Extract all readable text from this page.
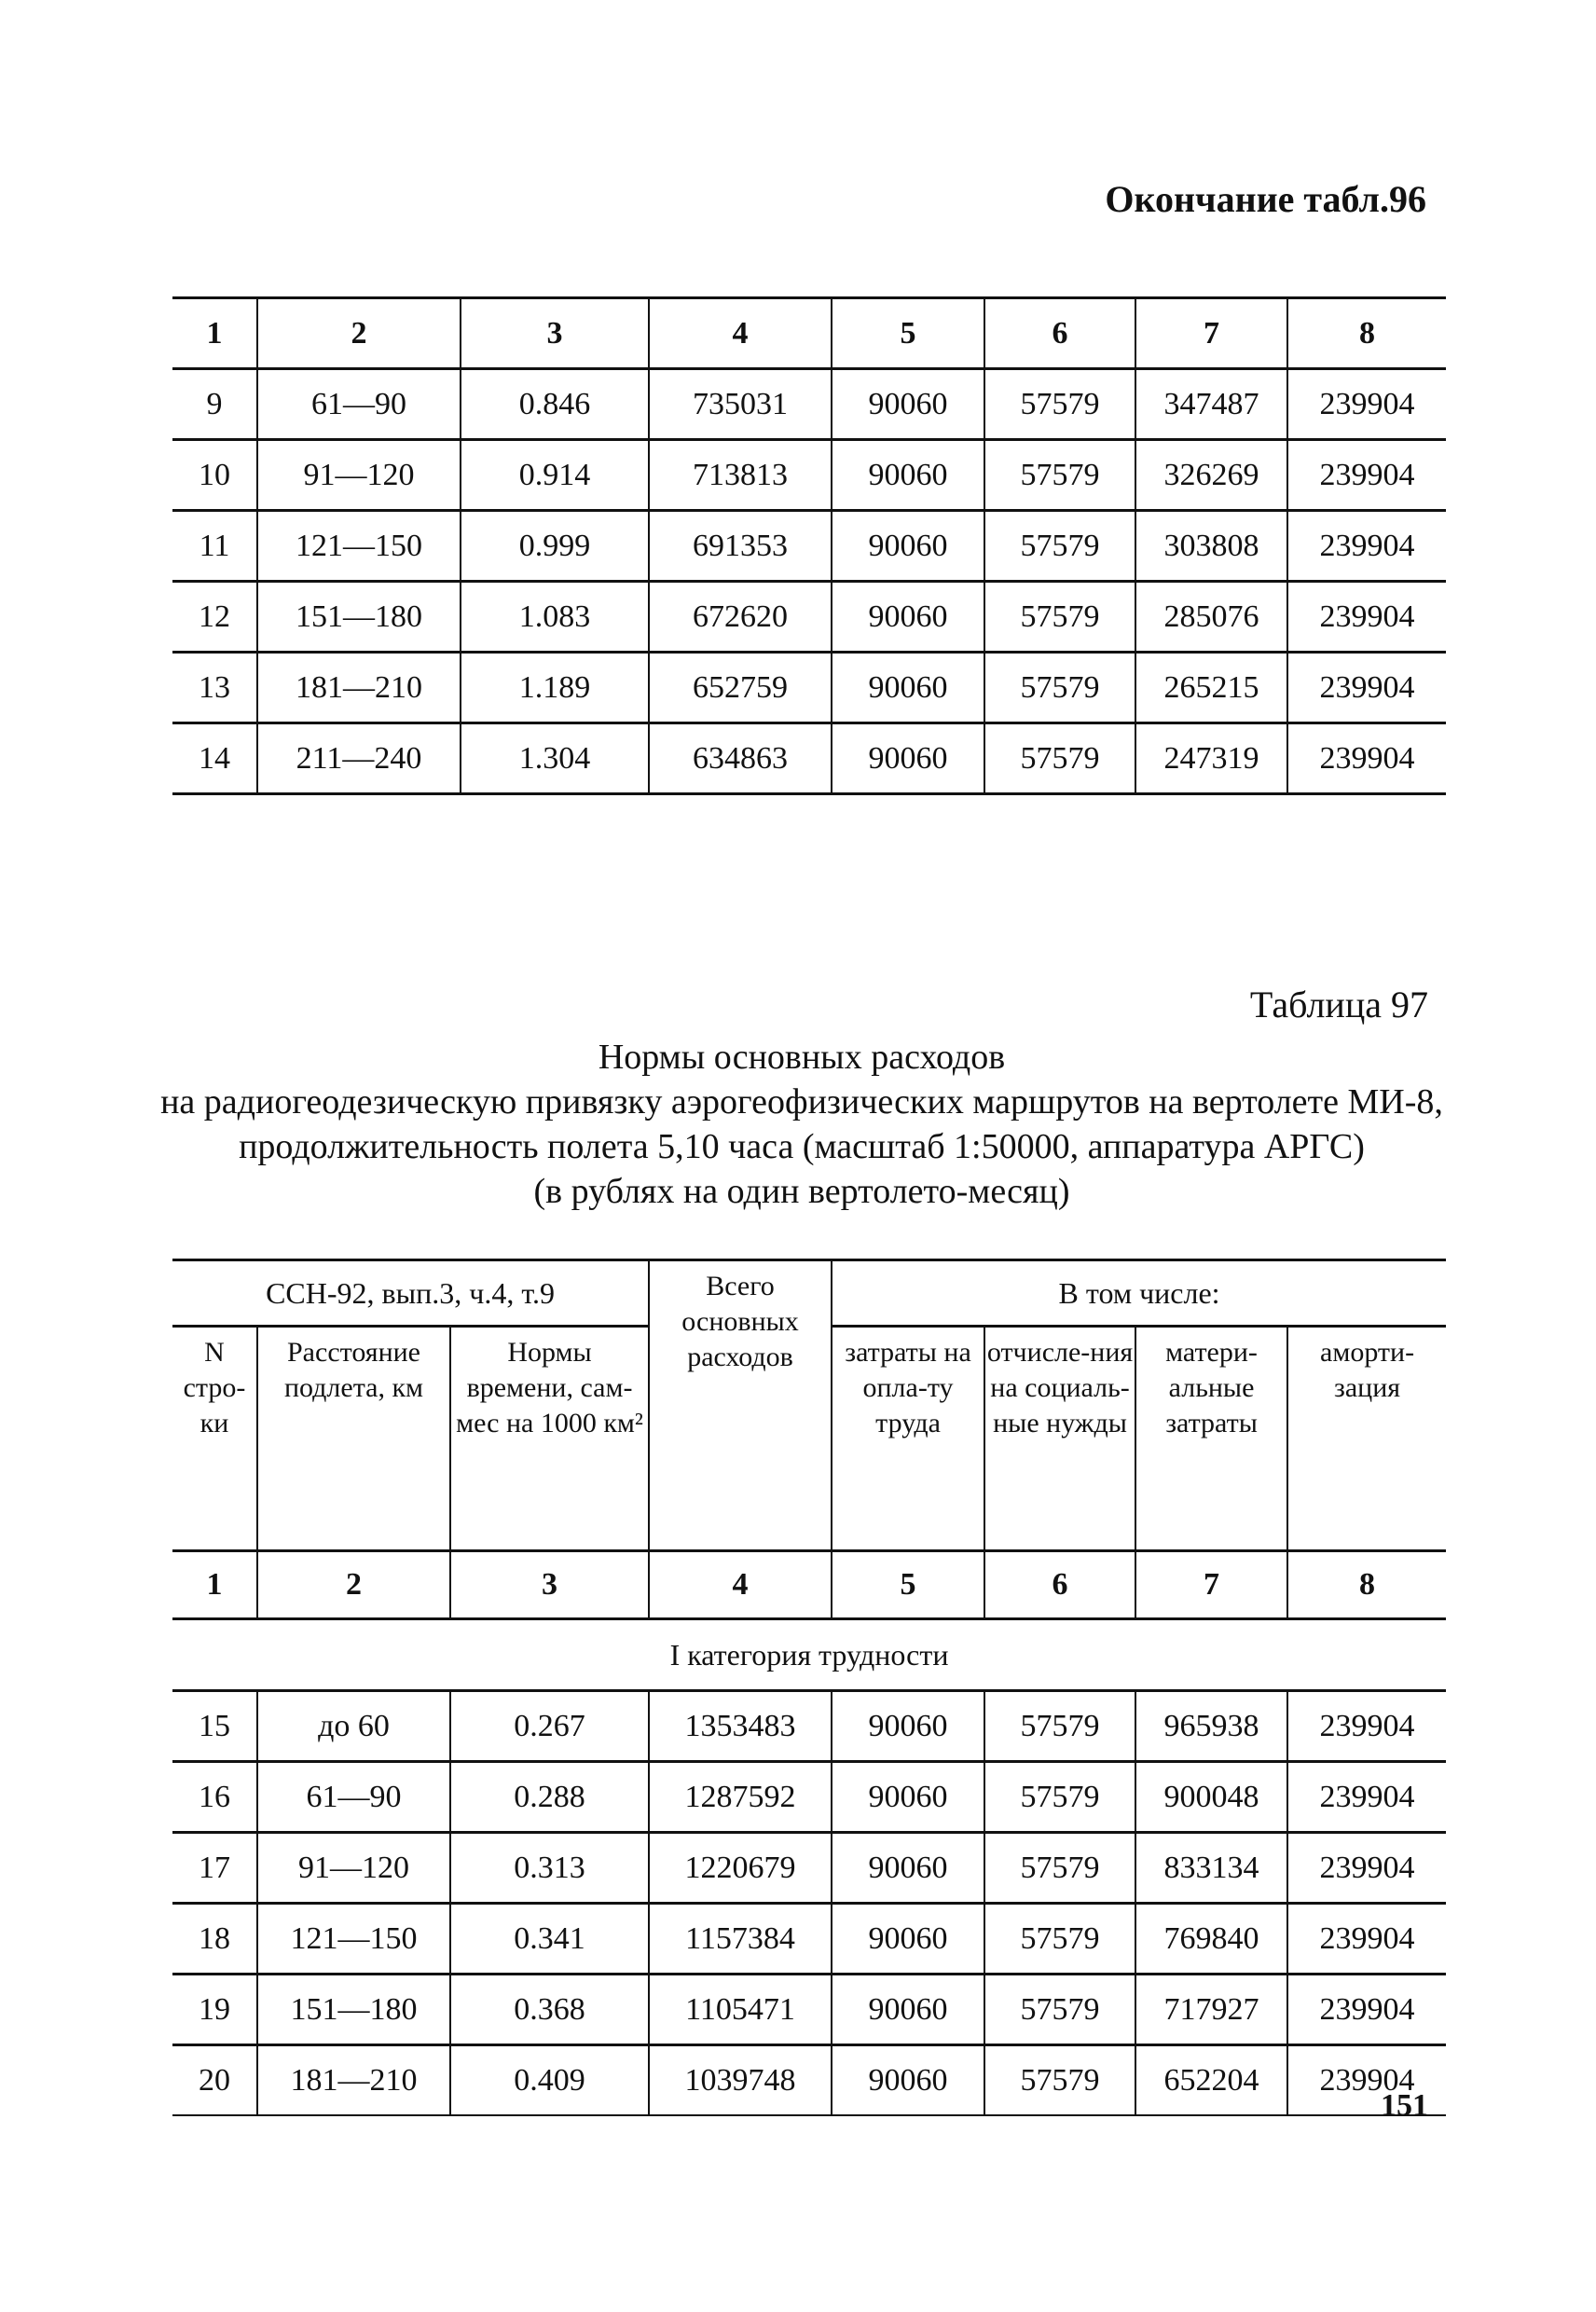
Окончание табл.96
1	2	3	4	5	6	7	8
9	61—90	0.846	735031	90060	57579	347487	239904
10	91—120	0.914	713813	90060	57579	326269	239904
11	121—150	0.999	691353	90060	57579	303808	239904
12	151—180	1.083	672620	90060	57579	285076	239904
13	181—210	1.189	652759	90060	57579	265215	239904
14	211—240	1.304	634863	90060	57579	247319	239904
Таблица 97
Нормы основных расходов
на радиогеодезическую привязку аэрогеофизических маршрутов на вертолете МИ-8,
продолжительность полета 5,10 часа (масштаб 1:50000, аппаратура АРГС)
(в рублях на один вертолето-месяц)
ССН-92, вып.3, ч.4, т.9			Всего основных расходов	В том числе:			
N стро-ки	Расстояние подлета, км	Нормы времени, сам-мес на 1000 км²		затраты на опла-ту труда	отчисле-ния на социаль-ные нужды	матери-альные затраты	аморти-зация
1	2	3	4	5	6	7	8
I категория трудности							
15	до 60	0.267	1353483	90060	57579	965938	239904
16	61—90	0.288	1287592	90060	57579	900048	239904
17	91—120	0.313	1220679	90060	57579	833134	239904
18	121—150	0.341	1157384	90060	57579	769840	239904
19	151—180	0.368	1105471	90060	57579	717927	239904
20	181—210	0.409	1039748	90060	57579	652204	239904
151
